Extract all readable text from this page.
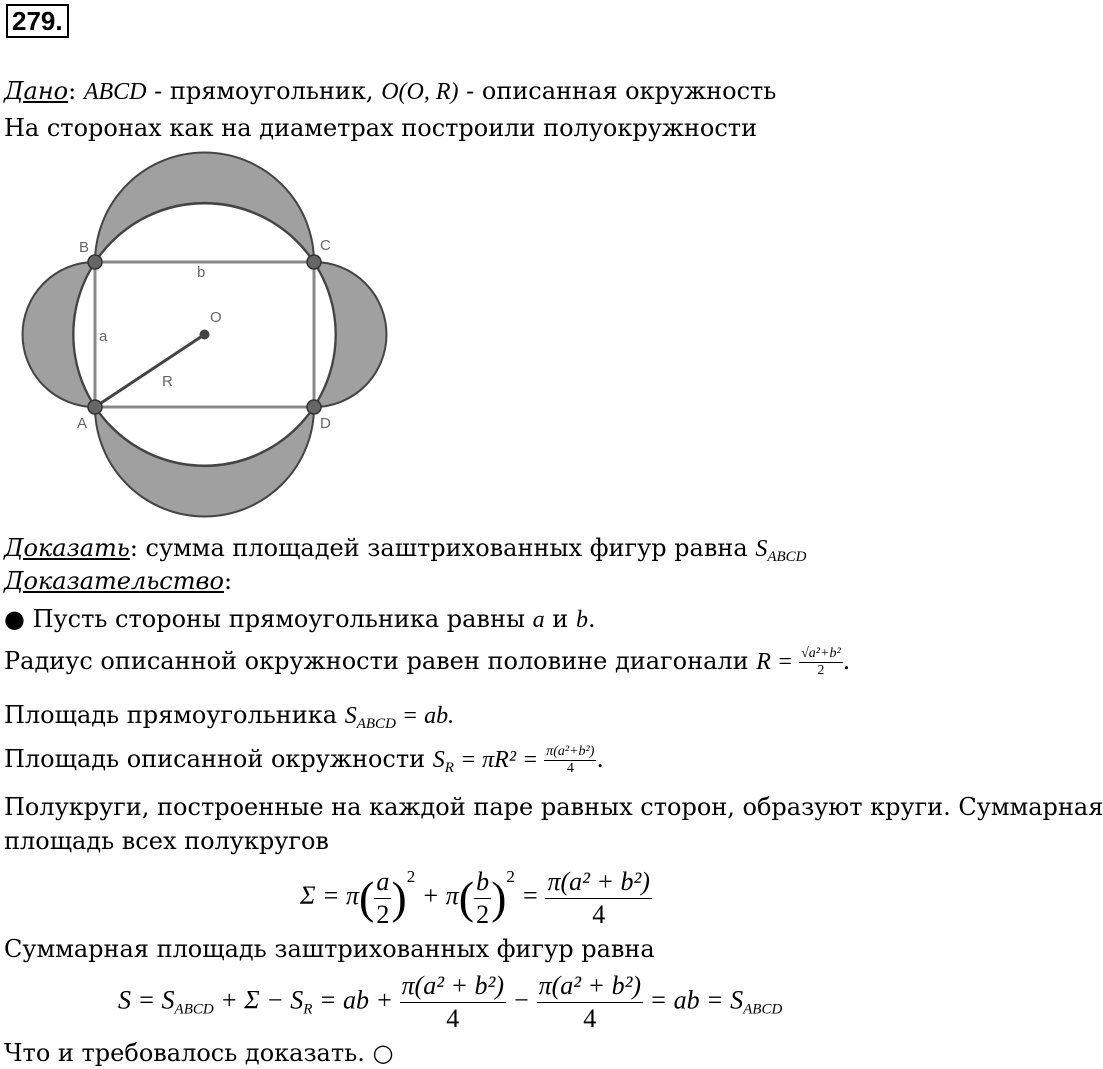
279.
Дано: ABCD - прямоугольник, O(O, R) - описанная окружность
На сторонах как на диаметрах построили полуокружности
A
B	C
D
O
a
b
R
Доказать: сумма площадей заштрихованных фигур равна $S_{ABCD}$
Доказательство:
● Пусть стороны прямоугольника равны a и b.
Радиус описанной окружности равен половине диагонали $R = \frac{\text{√a²+b²}}{2}$ .
Площадь прямоугольника $S_{ABCD}$ = ab.
Площадь описанной окружности $S_R = \pi R^2 = \frac{\text{π(a²+b²)}}{4}$ .
Полукруги, построенные на каждой паре равных сторон, образуют круги. Суммарная
площадь всех полукругов
$\Sigma = \pi( \frac{a}{2} )^2 + \pi( \frac{b}{2} )^2 = \frac{\text{π(a² + b²)}}{4}$
Суммарная площадь заштрихованных фигур равна
$S = S_{ABCD} + \Sigma - S_R$ = ab + $\frac{\text{π(a² + b²)}}{4} - \frac{\text{π(a² + b²)}}{4}$ = ab = $S_{ABCD}$
Что и требовалось доказать. ○
